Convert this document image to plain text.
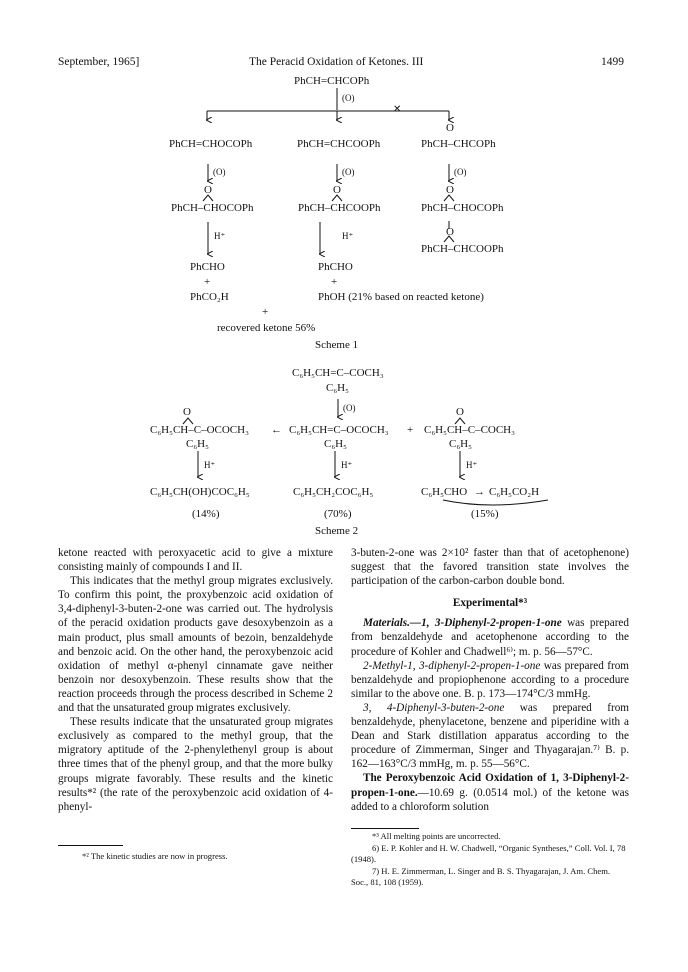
September, 1965]	The Peracid Oxidation of Ketones. III	1499
PhCH=CHCOPh
(O)
✕
PhCH=CHOCOPh	PhCH=CHCOOPh
O
PhCH–CHCOPh
(O)	(O)	(O)
O
PhCH–CHOCOPh
O
PhCH–CHCOOPh
O
PhCH–CHOCOPh
O
PhCH–CHCOOPh
H⁺	H⁺
PhCHO
+
PhCO₂H
PhCHO
+
PhOH (21% based on reacted ketone)
+
recovered ketone 56%
Scheme 1
C₆H₅CH=C–COCH₃
C₆H₅
(O)
O
C₆H₅CH–C–OCOCH₃
C₆H₅
← C₆H₅CH=C–OCOCH₃
C₆H₅
+
O
C₆H₅CH–C–COCH₃
C₆H₅
H⁺	H⁺	H⁺
C₆H₅CH(OH)COC₆H₅	C₆H₅CH₂COC₆H₅	C₆H₅CHO → C₆H₅CO₂H
(14%)	(70%)	(15%)
Scheme 2

ketone reacted with peroxyacetic acid to give a mixture consisting mainly of compounds I and II.

This indicates that the methyl group migrates exclusively. To confirm this point, the proxybenzoic acid oxidation of 3,4-diphenyl-3-buten-2-one was carried out. The hydrolysis of the peracid oxidation products gave desoxybenzoin as a main product, plus small amounts of bezoin, benzaldehyde and benzoic acid. On the other hand, the peroxybenzoic acid oxidation of methyl α-phenyl cinnamate gave neither benzoin nor desoxybenzoin. These results show that the reaction proceeds through the process described in Scheme 2 and that the unsaturated group migrates exclusively.

These results indicate that the unsaturated group migrates exclusively as compared to the methyl group, that the migratory aptitude of the 2-phenylethenyl group is about three times that of the phenyl group, and that the more bulky groups migrate favorably. These results and the kinetic results*² (the rate of the peroxybenzoic acid oxidation of 4-phenyl-

*² The kinetic studies are now in progress.

3-buten-2-one was 2×10² faster than that of acetophenone) suggest that the favored transition state involves the participation of the carbon-carbon double bond.

Experimental*³

Materials.—1, 3-Diphenyl-2-propen-1-one was prepared from benzaldehyde and acetophenone according to the procedure of Kohler and Chadwell⁶⁾; m. p. 56—57°C.

2-Methyl-1, 3-diphenyl-2-propen-1-one was prepared from benzaldehyde and propiophenone according to a procedure similar to the above one. B. p. 173—174°C/3 mmHg.

3, 4-Diphenyl-3-buten-2-one was prepared from benzaldehyde, phenylacetone, benzene and piperidine with a Dean and Stark distillation apparatus according to the procedure of Zimmerman, Singer and Thyagarajan.⁷⁾ B. p. 162—163°C/3 mmHg, m. p. 55—56°C.

The Peroxybenzoic Acid Oxidation of 1, 3-Diphenyl-2-propen-1-one.—10.69 g. (0.0514 mol.) of the ketone was added to a chloroform solution

*³ All melting points are uncorrected.
6) E. P. Kohler and H. W. Chadwell, “Organic Syntheses,” Coll. Vol. I, 78 (1948).
7) H. E. Zimmerman, L. Singer and B. S. Thyagarajan, J. Am. Chem. Soc., 81, 108 (1959).
